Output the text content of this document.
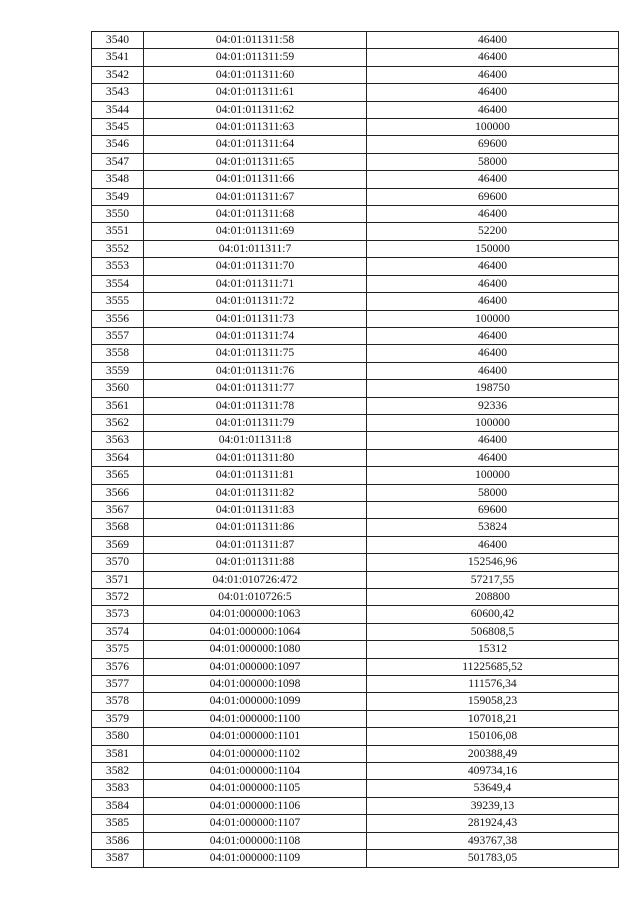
3540	04:01:011311:58	46400
3541	04:01:011311:59	46400
3542	04:01:011311:60	46400
3543	04:01:011311:61	46400
3544	04:01:011311:62	46400
3545	04:01:011311:63	100000
3546	04:01:011311:64	69600
3547	04:01:011311:65	58000
3548	04:01:011311:66	46400
3549	04:01:011311:67	69600
3550	04:01:011311:68	46400
3551	04:01:011311:69	52200
3552	04:01:011311:7	150000
3553	04:01:011311:70	46400
3554	04:01:011311:71	46400
3555	04:01:011311:72	46400
3556	04:01:011311:73	100000
3557	04:01:011311:74	46400
3558	04:01:011311:75	46400
3559	04:01:011311:76	46400
3560	04:01:011311:77	198750
3561	04:01:011311:78	92336
3562	04:01:011311:79	100000
3563	04:01:011311:8	46400
3564	04:01:011311:80	46400
3565	04:01:011311:81	100000
3566	04:01:011311:82	58000
3567	04:01:011311:83	69600
3568	04:01:011311:86	53824
3569	04:01:011311:87	46400
3570	04:01:011311:88	152546,96
3571	04:01:010726:472	57217,55
3572	04:01:010726:5	208800
3573	04:01:000000:1063	60600,42
3574	04:01:000000:1064	506808,5
3575	04:01:000000:1080	15312
3576	04:01:000000:1097	11225685,52
3577	04:01:000000:1098	111576,34
3578	04:01:000000:1099	159058,23
3579	04:01:000000:1100	107018,21
3580	04:01:000000:1101	150106,08
3581	04:01:000000:1102	200388,49
3582	04:01:000000:1104	409734,16
3583	04:01:000000:1105	53649,4
3584	04:01:000000:1106	39239,13
3585	04:01:000000:1107	281924,43
3586	04:01:000000:1108	493767,38
3587	04:01:000000:1109	501783,05
